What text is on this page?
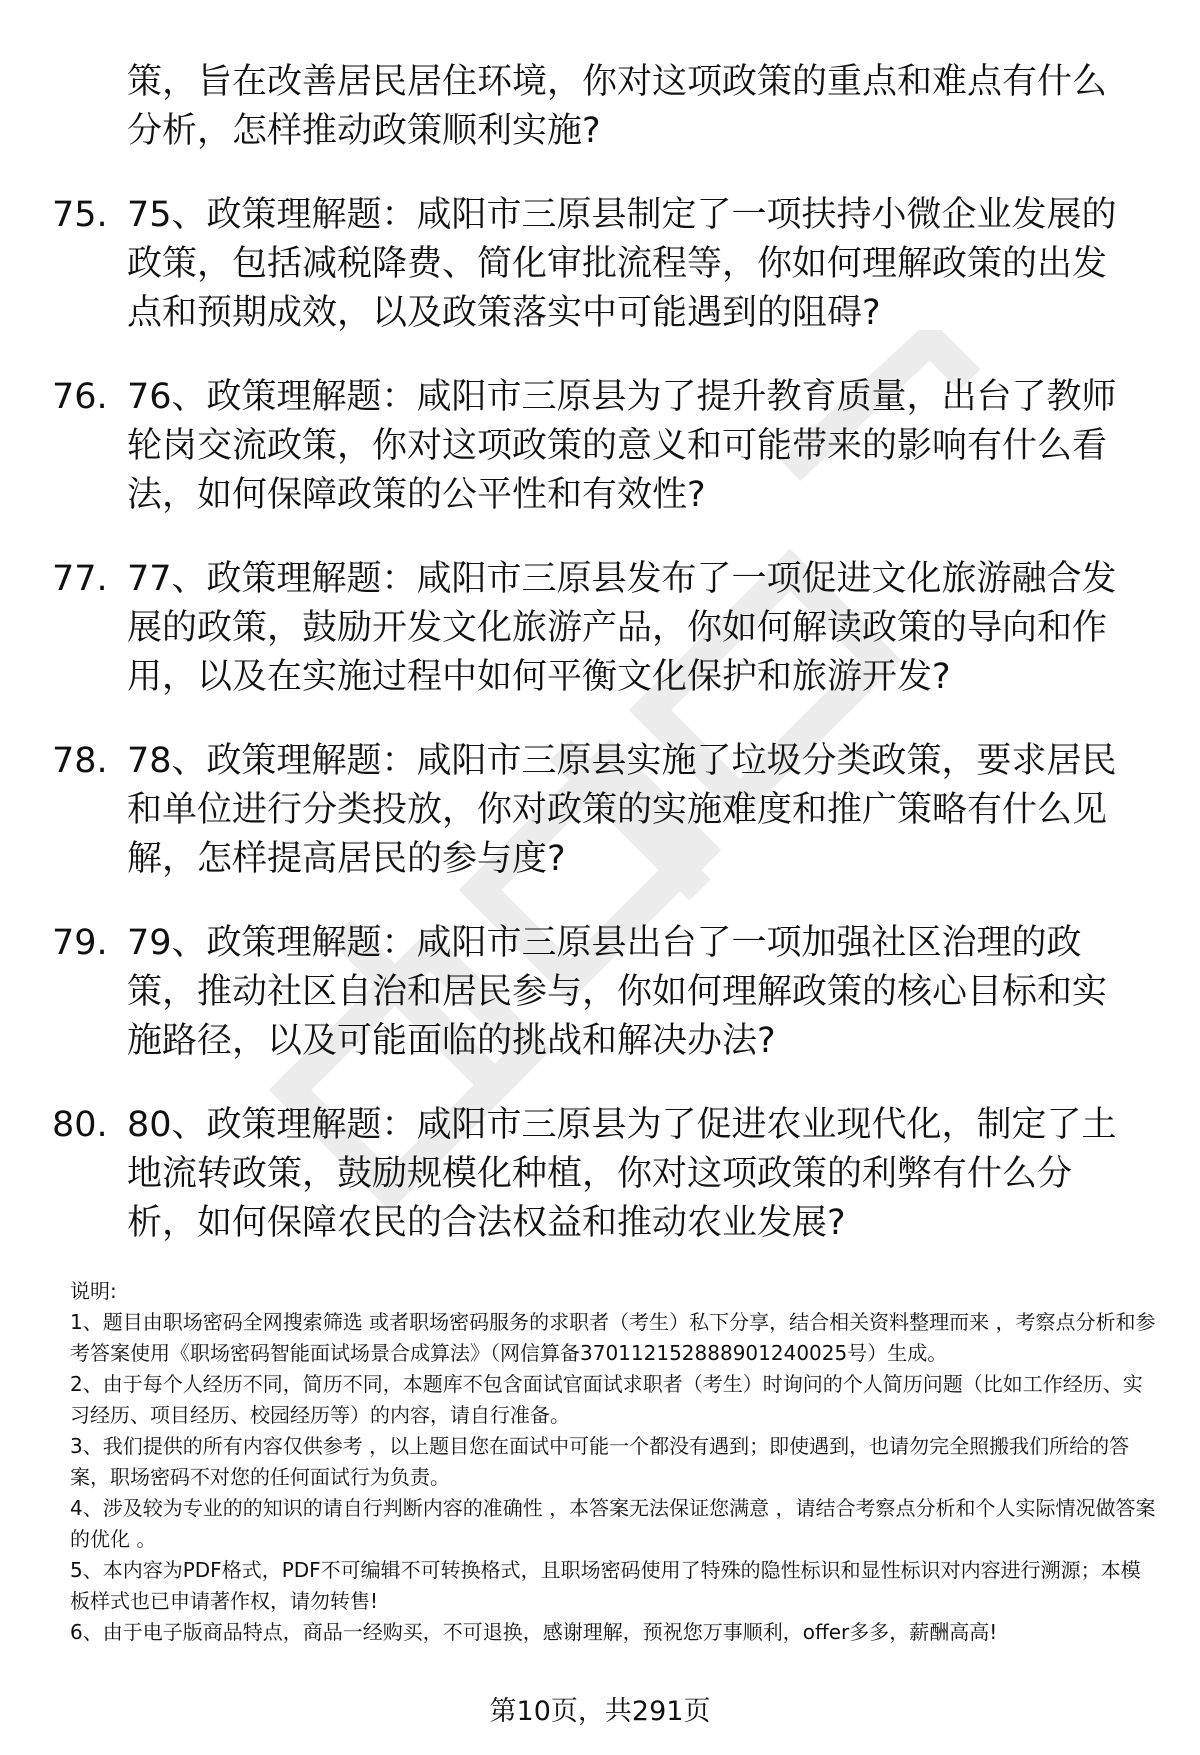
策，旨在改善居民居住环境，你对这项政策的重点和难点有什么分析，怎样推动政策顺利实施?
75. 75、政策理解题：咸阳市三原县制定了一项扶持小微企业发展的政策，包括减税降费、简化审批流程等，你如何理解政策的出发点和预期成效，以及政策落实中可能遇到的阻碍?
76. 76、政策理解题：咸阳市三原县为了提升教育质量，出台了教师轮岗交流政策，你对这项政策的意义和可能带来的影响有什么看法，如何保障政策的公平性和有效性?
77. 77、政策理解题：咸阳市三原县发布了一项促进文化旅游融合发展的政策，鼓励开发文化旅游产品，你如何解读政策的导向和作用，以及在实施过程中如何平衡文化保护和旅游开发?
78. 78、政策理解题：咸阳市三原县实施了垃圾分类政策，要求居民和单位进行分类投放，你对政策的实施难度和推广策略有什么见解，怎样提高居民的参与度?
79. 79、政策理解题：咸阳市三原县出台了一项加强社区治理的政策，推动社区自治和居民参与，你如何理解政策的核心目标和实施路径，以及可能面临的挑战和解决办法?
80. 80、政策理解题：咸阳市三原县为了促进农业现代化，制定了土地流转政策，鼓励规模化种植，你对这项政策的利弊有什么分析，如何保障农民的合法权益和推动农业发展?

说明:

1、题目由职场密码全网搜索筛选 或者职场密码服务的求职者（考生）私下分享，结合相关资料整理而来 ，考察点分析和参考答案使用《职场密码智能面试场景合成算法》（网信算备370112152888901240025号）生成。

2、由于每个人经历不同，简历不同，本题库不包含面试官面试求职者（考生）时询问的个人简历问题（比如工作经历、实习经历、项目经历、校园经历等）的内容，请自行准备。

3、我们提供的所有内容仅供参考 ，以上题目您在面试中可能一个都没有遇到；即使遇到，也请勿完全照搬我们所给的答案，职场密码不对您的任何面试行为负责。

4、涉及较为专业的的知识的请自行判断内容的准确性 ，本答案无法保证您满意 ，请结合考察点分析和个人实际情况做答案的优化 。

5、本内容为PDF格式，PDF不可编辑不可转换格式，且职场密码使用了特殊的隐性标识和显性标识对内容进行溯源；本模板样式也已申请著作权，请勿转售!

6、由于电子版商品特点，商品一经购买，不可退换，感谢理解，预祝您万事顺利，offer多多，薪酬高高!

第10页，共291页
